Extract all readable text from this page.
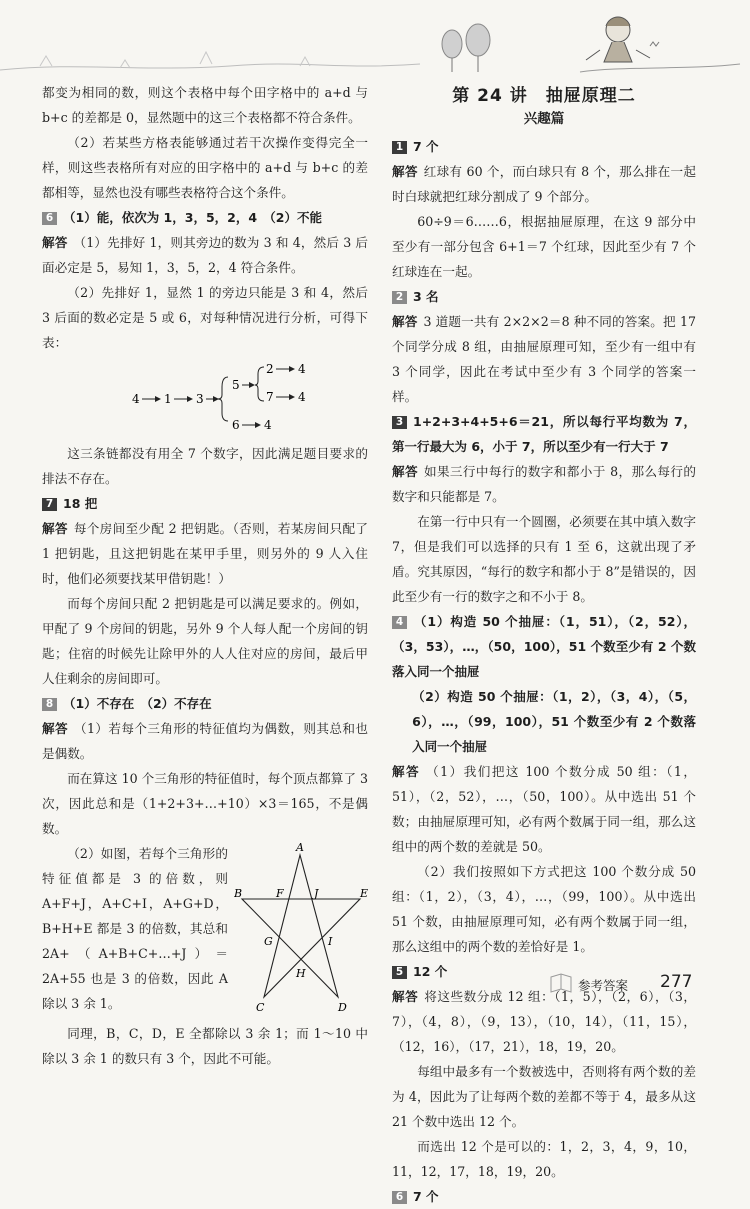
都变为相同的数，则这个表格中每个田字格中的 a+d 与 b+c 的差都是 0，显然题中的这三个表格都不符合条件。

（2）若某些方格表能够通过若干次操作变得完全一样，则这些表格所有对应的田字格中的 a+d 与 b+c 的差都相等，显然也没有哪些表格符合这个条件。

6 （1）能，依次为 1，3，5，2，4　（2）不能

解答 （1）先排好 1，则其旁边的数为 3 和 4，然后 3 后面必定是 5，易知 1，3，5，2，4 符合条件。

（2）先排好 1，显然 1 的旁边只能是 3 和 4，然后 3 后面的数必定是 5 或 6，对每种情况进行分析，可得下表：

4 1 3
5
2 4
7 4
6 4

这三条链都没有用全 7 个数字，因此满足题目要求的排法不存在。

7 18 把

解答 每个房间至少配 2 把钥匙。（否则，若某房间只配了 1 把钥匙，且这把钥匙在某甲手里，则另外的 9 人入住时，他们必须要找某甲借钥匙！）

而每个房间只配 2 把钥匙是可以满足要求的。例如，甲配了 9 个房间的钥匙，另外 9 个人每人配一个房间的钥匙；住宿的时候先让除甲外的人人住对应的房间，最后甲人住剩余的房间即可。

8 （1）不存在　（2）不存在

解答 （1）若每个三角形的特征值均为偶数，则其总和也是偶数。

而在算这 10 个三角形的特征值时，每个顶点都算了 3 次，因此总和是（1+2+3+…+10）×3＝165，不是偶数。

（2）如图，若每个三角形的特征值都是 3 的倍数，则 A+F+J，A+C+I，A+G+D，B+H+E 都是 3 的倍数，其总和 2A+（A+B+C+…+J）＝2A+55 也是 3 的倍数，因此 A 除以 3 余 1。

A
B
C	D
E
F
G
H
I
J

同理，B，C，D，E 全都除以 3 余 1；而 1～10 中除以 3 余 1 的数只有 3 个，因此不可能。

第 24 讲　抽屉原理二
兴趣篇

1 7 个

解答 红球有 60 个，而白球只有 8 个，那么排在一起时白球就把红球分割成了 9 个部分。

60÷9＝6……6，根据抽屉原理，在这 9 部分中至少有一部分包含 6+1＝7 个红球，因此至少有 7 个红球连在一起。

2 3 名

解答 3 道题一共有 2×2×2＝8 种不同的答案。把 17 个同学分成 8 组，由抽屉原理可知，至少有一组中有 3 个同学，因此在考试中至少有 3 个同学的答案一样。

3 1+2+3+4+5+6＝21，所以每行平均数为 7，第一行最大为 6，小于 7，所以至少有一行大于 7

解答 如果三行中每行的数字和都小于 8，那么每行的数字和只能都是 7。

在第一行中只有一个圆圈，必须要在其中填入数字 7，但是我们可以选择的只有 1 至 6，这就出现了矛盾。究其原因，“每行的数字和都小于 8”是错误的，因此至少有一行的数字之和不小于 8。

4 （1）构造 50 个抽屉：（1，51），（2，52），（3，53），…，（50，100），51 个数至少有 2 个数落入同一个抽屉

（2）构造 50 个抽屉：（1，2），（3，4），（5，6），…，（99，100），51 个数至少有 2 个数落入同一个抽屉

解答 （1）我们把这 100 个数分成 50 组：（1，51），（2，52），…，（50，100）。从中选出 51 个数；由抽屉原理可知，必有两个数属于同一组，那么这组中的两个数的差就是 50。

（2）我们按照如下方式把这 100 个数分成 50 组：（1，2），（3，4），…，（99，100）。从中选出 51 个数，由抽屉原理可知，必有两个数属于同一组，那么这组中的两个数的差恰好是 1。

5 12 个

解答 将这些数分成 12 组：（1，5），（2，6），（3，7），（4，8），（9，13），（10，14），（11，15），（12，16），（17，21），18，19，20。

每组中最多有一个数被选中，否则将有两个数的差为 4，因此为了让每两个数的差都不等于 4，最多从这 21 个数中选出 12 个。

而选出 12 个是可以的：1，2，3，4，9，10，11，12，17，18，19，20。

6 7 个

参考答案 277
